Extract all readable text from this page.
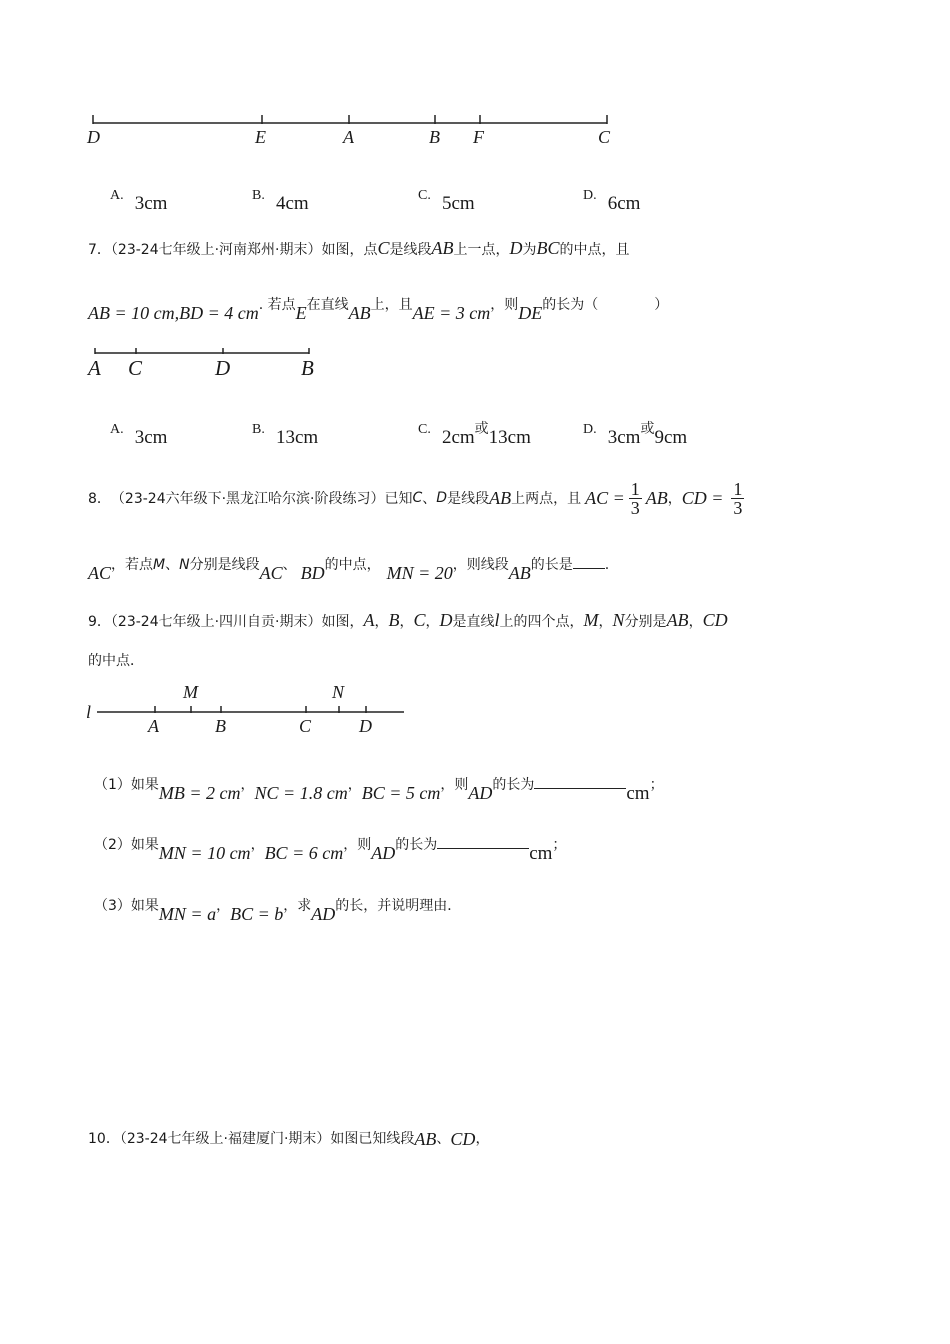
D	E	A	B F	C
A. 3cm	B. 4cm	C. 5cm	D. 6cm
7．（23-24七年级上·河南郑州·期末）如图，点C是线段AB上一点，D为BC的中点，且
AB = 10 cm,BD = 4 cm. 若点E在直线AB上，且AE = 3 cm，则DE的长为（　　　　）
A C	D	B
A. 3cm	B. 13cm	C. 2cm或13cm	D. 3cm或9cm
8． （23-24六年级下·黑龙江哈尔滨·阶段练习） 已知 C 、 D 是线段 AB 上两点，且 AC = $\frac{1}{3}$ AB ， CD = $\frac{1}{3}$
AC，若点M、N分别是线段AC、 BD的中点， MN = 20，则线段AB的长是 .
9．（23-24七年级上·四川自贡·期末）如图，A，B，C，D是直线l上的四个点，M，N分别是AB，CD
的中点．
l
M	N
A	B	C	D
（1）如果MB = 2 cm，NC = 1.8 cm，BC = 5 cm，则AD的长为	cm；
（2）如果MN = 10 cm，BC = 6 cm，则AD的长为	cm；
（3）如果MN = a，BC = b，求AD的长，并说明理由．
10．（23-24七年级上·福建厦门·期末）如图已知线段AB、CD，
